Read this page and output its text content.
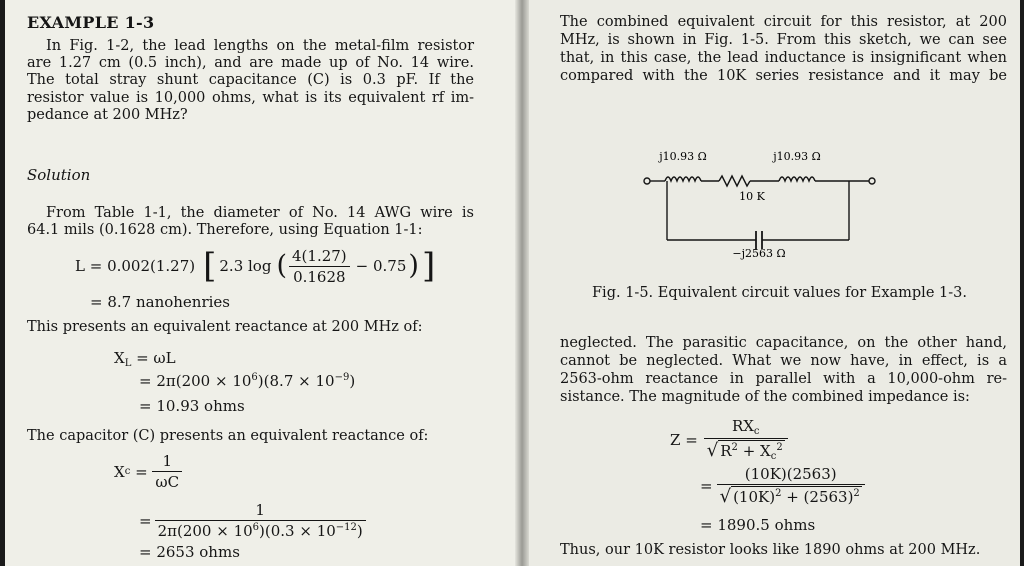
EXAMPLE 1-3
In Fig. 1-2, the lead lengths on the metal-film resistor
are 1.27 cm (0.5 inch), and are made up of No. 14 wire.
The total stray shunt capacitance (C) is 0.3 pF. If the
resistor value is 10,000 ohms, what is its equivalent rf im-
pedance at 200 MHz?
Solution
From Table 1-1, the diameter of No. 14 AWG wire is
64.1 mils (0.1628 cm). Therefore, using Equation 1-1:
L = 0.002(1.27) [ 2.3 log ( $\frac{4(1.27)}{0.1628} - 0.75$ ) ]
= 8.7 nanohenries
This presents an equivalent reactance at 200 MHz of:
$X_L = \omega L$
= $2\pi(200 \times 10^6)(8.7 \times 10^{-9})$
= 10.93 ohms
The capacitor (C) presents an equivalent reactance of:
X $c = \frac{1}{\omega C}$
= $\frac{1}{2\pi(200 \times 10^6)(0.3 \times 10^{-12})}$
= 2653 ohms
The combined equivalent circuit for this resistor, at 200
MHz, is shown in Fig. 1-5. From this sketch, we can see
that, in this case, the lead inductance is insignificant when
compared with the 10K series resistance and it may be
j10.93 Ω	j10.93 Ω
10 K
−j2563 Ω
Fig. 1-5. Equivalent circuit values for Example 1-3.
neglected. The parasitic capacitance, on the other hand,
cannot be neglected. What we now have, in effect, is a
2563-ohm reactance in parallel with a 10,000-ohm re-
sistance. The magnitude of the combined impedance is:
$Z = \frac{RX_c}{√ R^2 + X_c^2}$
= $\frac{(10K)(2563)}{√ (10K)^2 + (2563)^2}$
= 1890.5 ohms
Thus, our 10K resistor looks like 1890 ohms at 200 MHz.
